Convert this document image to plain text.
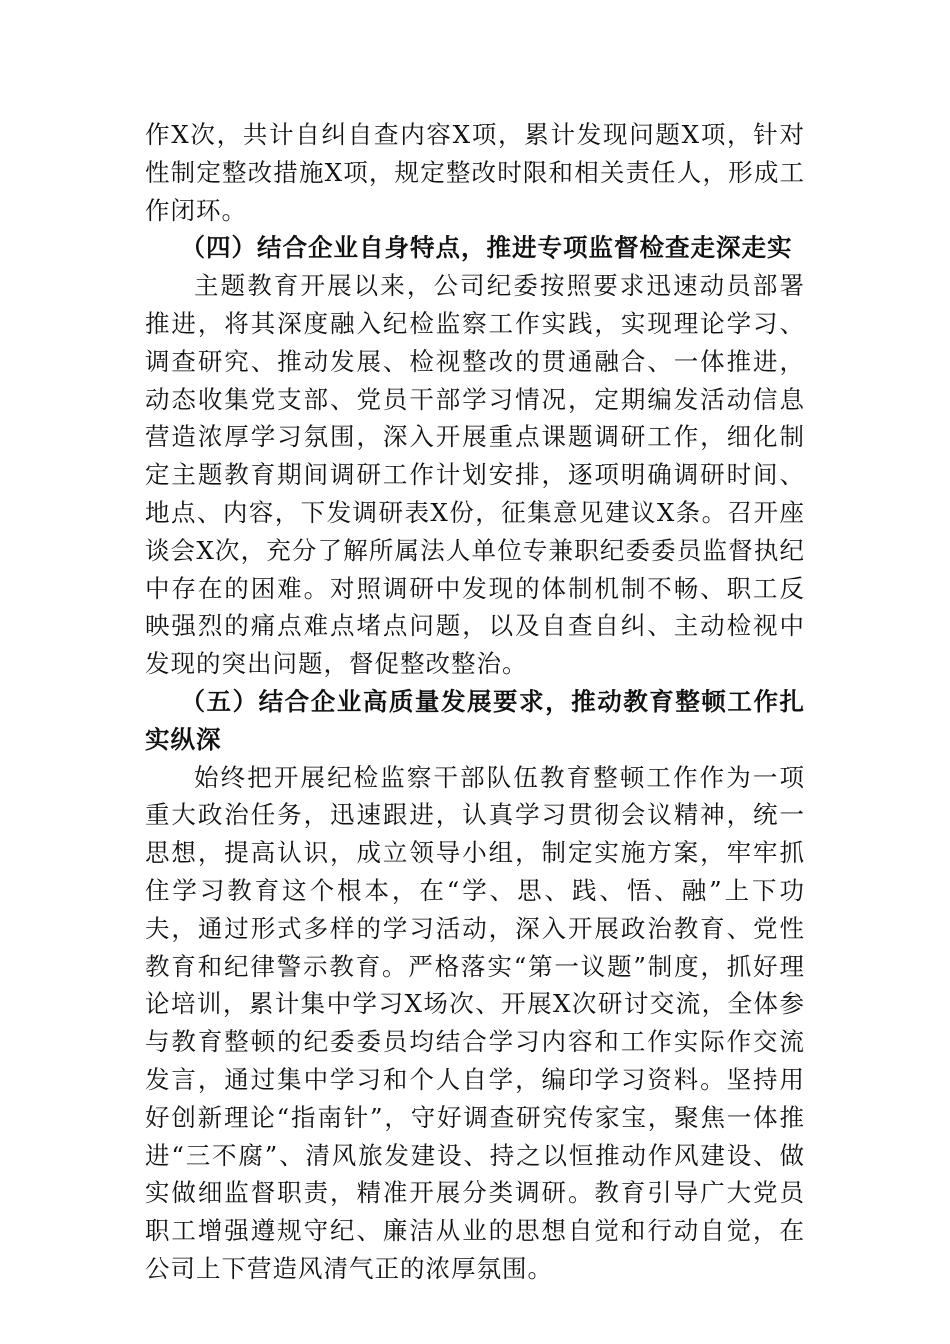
作X次，共计自纠自查内容X项，累计发现问题X项，针对性制定整改措施X项，规定整改时限和相关责任人，形成工作闭环。

（四）结合企业自身特点，推进专项监督检查走深走实

主题教育开展以来，公司纪委按照要求迅速动员部署推进，将其深度融入纪检监察工作实践，实现理论学习、调查研究、推动发展、检视整改的贯通融合、一体推进，动态收集党支部、党员干部学习情况，定期编发活动信息营造浓厚学习氛围，深入开展重点课题调研工作，细化制定主题教育期间调研工作计划安排，逐项明确调研时间、地点、内容，下发调研表X份，征集意见建议X条。召开座谈会X次，充分了解所属法人单位专兼职纪委委员监督执纪中存在的困难。对照调研中发现的体制机制不畅、职工反映强烈的痛点难点堵点问题，以及自查自纠、主动检视中发现的突出问题，督促整改整治。

（五）结合企业高质量发展要求，推动教育整顿工作扎实纵深

始终把开展纪检监察干部队伍教育整顿工作作为一项重大政治任务，迅速跟进，认真学习贯彻会议精神，统一思想，提高认识，成立领导小组，制定实施方案，牢牢抓住学习教育这个根本，在“学、思、践、悟、融”上下功夫，通过形式多样的学习活动，深入开展政治教育、党性教育和纪律警示教育。严格落实“第一议题”制度，抓好理论培训，累计集中学习X场次、开展X次研讨交流，全体参与教育整顿的纪委委员均结合学习内容和工作实际作交流发言，通过集中学习和个人自学，编印学习资料。坚持用好创新理论“指南针”，守好调查研究传家宝，聚焦一体推进“三不腐”、清风旅发建设、持之以恒推动作风建设、做实做细监督职责，精准开展分类调研。教育引导广大党员职工增强遵规守纪、廉洁从业的思想自觉和行动自觉，在公司上下营造风清气正的浓厚氛围。
